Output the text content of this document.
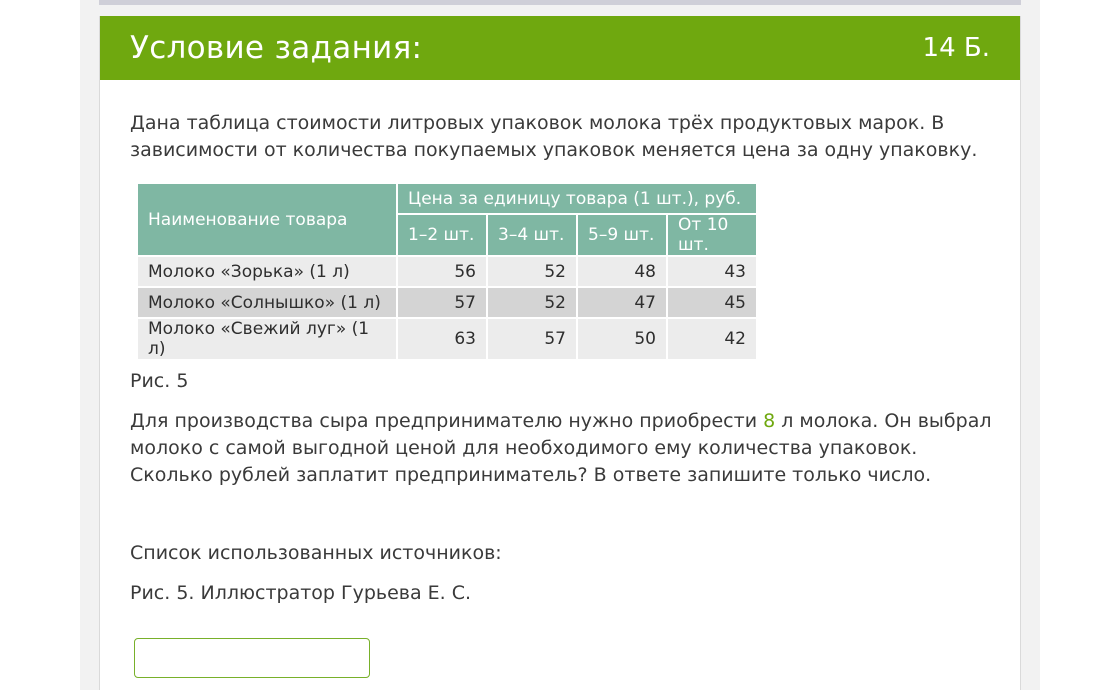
Условие задания:	14 Б.
Дана таблица стоимости литровых упаковок молока трёх продуктовых марок. В зависимости от количества покупаемых упаковок меняется цена за одну упаковку.
Наименование товара	Цена за единицу товара (1 шт.), руб.			
	1–2 шт.	3–4 шт.	5–9 шт.	От 10 шт.
Молоко «Зорька» (1 л)	56	52	48	43
Молоко «Солнышко» (1 л)	57	52	47	45
Молоко «Свежий луг» (1 л)	63	57	50	42
Рис. 5
Для производства сыра предпринимателю нужно приобрести 8 л молока. Он выбрал молоко с самой выгодной ценой для необходимого ему количества упаковок. Сколько рублей заплатит предприниматель? В ответе запишите только число.
Список использованных источников:
Рис. 5. Иллюстратор Гурьева Е. С.
